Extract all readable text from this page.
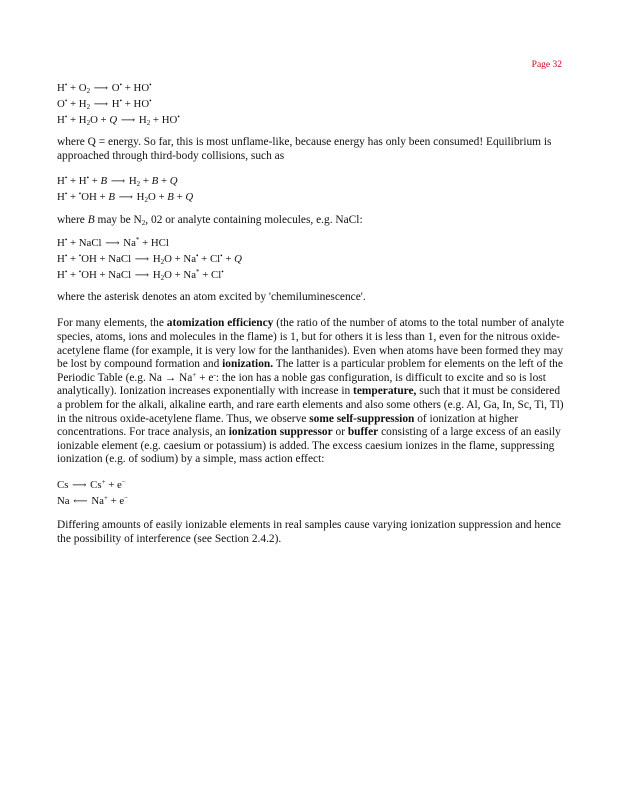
Page 32
$H^• + O_2$ ⟶ O• + HO•
$O^• + H_2$ ⟶ H• + HO•
$H^• + H_2O + Q$ ⟶ $H_2 + HO^•$

where Q = energy. So far, this is most unflame-like, because energy has only been consumed! Equilibrium is approached through third-body collisions, such as

H• + H• + B ⟶ $H_2 + B + Q$
H• + •OH + B ⟶ $H_2O + B + Q$

where B may be $N_2$, 02 or analyte containing molecules, e.g. NaCl:

H• + NaCl ⟶ Na* + HCl
H• + •OH + NaCl ⟶ $H_2O + Na^• + Cl^• + Q$
H• + •OH + NaCl ⟶ $H_2O + Na^* + Cl^•$

where the asterisk denotes an atom excited by 'chemiluminescence'.

For many elements, the atomization efficiency (the ratio of the number of atoms to the total number of analyte species, atoms, ions and molecules in the flame) is 1, but for others it is less than 1, even for the nitrous oxide-acetylene flame (for example, it is very low for the lanthanides). Even when atoms have been formed they may be lost by compound formation and ionization. The latter is a particular problem for elements on the left of the Periodic Table (e.g. Na → Na+ + e-: the ion has a noble gas configuration, is difficult to excite and so is lost analytically). Ionization increases exponentially with increase in temperature, such that it must be considered a problem for the alkali, alkaline earth, and rare earth elements and also some others (e.g. Al, Ga, In, Sc, Ti, Tl) in the nitrous oxide-acetylene flame. Thus, we observe some self-suppression of ionization at higher concentrations. For trace analysis, an ionization suppressor or buffer consisting of a large excess of an easily ionizable element (e.g. caesium or potassium) is added. The excess caesium ionizes in the flame, suppressing ionization (e.g. of sodium) by a simple, mass action effect:

Cs ⟶ Cs+ + e−
Na ⟵ Na+ + e−

Differing amounts of easily ionizable elements in real samples cause varying ionization suppression and hence the possibility of interference (see Section 2.4.2).
